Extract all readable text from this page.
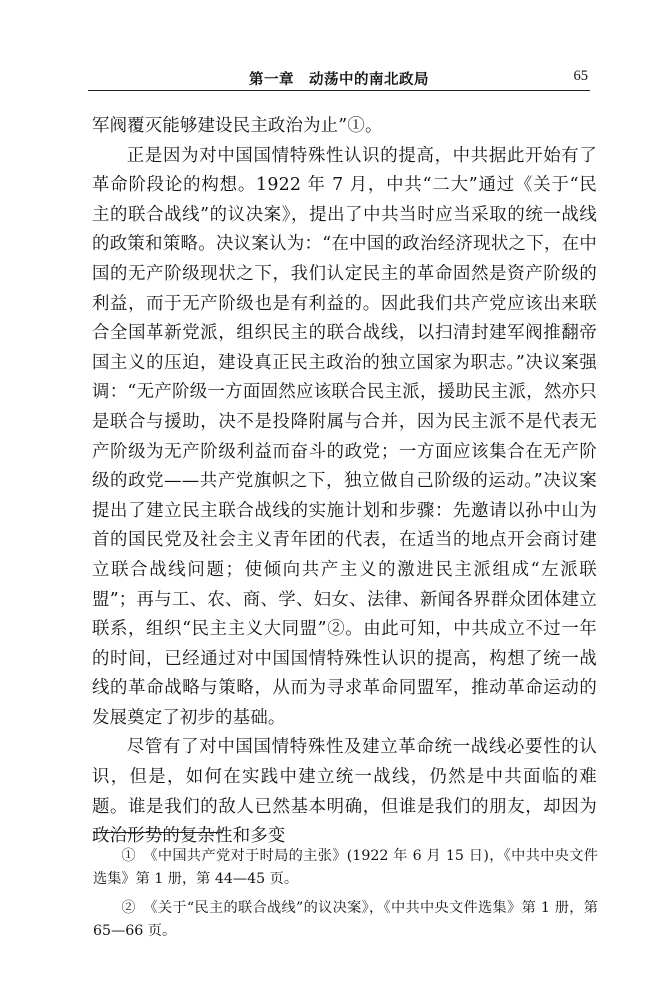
第一章　动荡中的南北政局	65

军阀覆灭能够建设民主政治为止”①。

正是因为对中国国情特殊性认识的提高，中共据此开始有了革命阶段论的构想。1922 年 7 月，中共“二大”通过《关于“民主的联合战线”的议决案》，提出了中共当时应当采取的统一战线的政策和策略。决议案认为：“在中国的政治经济现状之下，在中国的无产阶级现状之下，我们认定民主的革命固然是资产阶级的利益，而于无产阶级也是有利益的。因此我们共产党应该出来联合全国革新党派，组织民主的联合战线，以扫清封建军阀推翻帝国主义的压迫，建设真正民主政治的独立国家为职志。”决议案强调：“无产阶级一方面固然应该联合民主派，援助民主派，然亦只是联合与援助，决不是投降附属与合并，因为民主派不是代表无产阶级为无产阶级利益而奋斗的政党；一方面应该集合在无产阶级的政党——共产党旗帜之下，独立做自己阶级的运动。”决议案提出了建立民主联合战线的实施计划和步骤：先邀请以孙中山为首的国民党及社会主义青年团的代表，在适当的地点开会商讨建立联合战线问题；使倾向共产主义的激进民主派组成“左派联盟”；再与工、农、商、学、妇女、法律、新闻各界群众团体建立联系，组织“民主主义大同盟”②。由此可知，中共成立不过一年的时间，已经通过对中国国情特殊性认识的提高，构想了统一战线的革命战略与策略，从而为寻求革命同盟军，推动革命运动的发展奠定了初步的基础。

尽管有了对中国国情特殊性及建立革命统一战线必要性的认识，但是，如何在实践中建立统一战线，仍然是中共面临的难题。谁是我们的敌人已然基本明确，但谁是我们的朋友，却因为政治形势的复杂性和多变

①　《中国共产党对于时局的主张》(1922 年 6 月 15 日)，《中共中央文件选集》第 1 册，第 44—45 页。

②　《关于“民主的联合战线”的议决案》，《中共中央文件选集》第 1 册，第 65—66 页。
